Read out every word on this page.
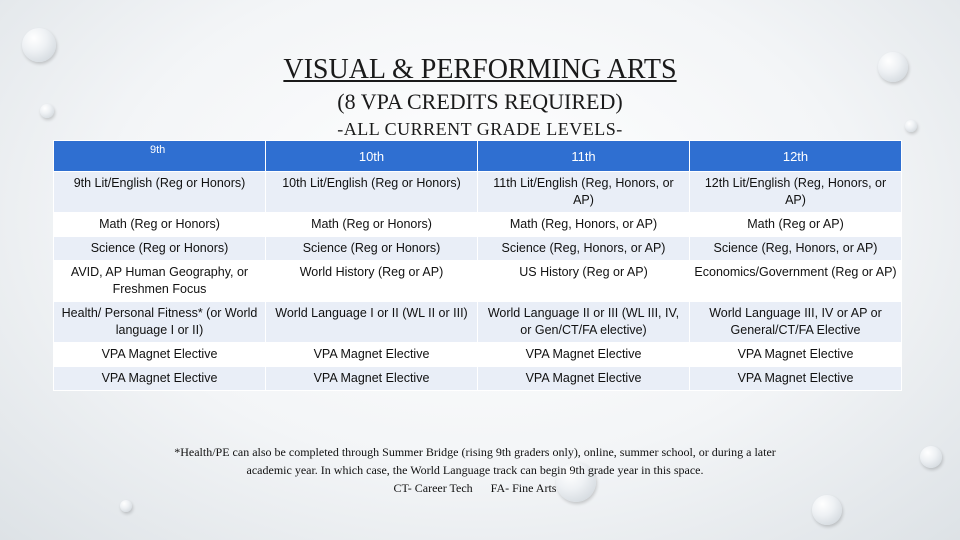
VISUAL & PERFORMING ARTS

(8 VPA CREDITS REQUIRED)

-ALL CURRENT GRADE LEVELS-

9th	10th	11th	12th
9th Lit/English (Reg or Honors)	10th Lit/English (Reg or Honors)	11th Lit/English (Reg, Honors, or AP)	12th Lit/English (Reg, Honors, or AP)
Math (Reg or Honors)	Math (Reg or Honors)	Math (Reg, Honors, or AP)	Math (Reg or AP)
Science (Reg or Honors)	Science (Reg or Honors)	Science (Reg, Honors, or AP)	Science (Reg, Honors, or AP)
AVID, AP Human Geography, or Freshmen Focus	World History (Reg or AP)	US History (Reg or AP)	Economics/Government (Reg or AP)
Health/ Personal Fitness* (or World language I or II)	World Language I or II (WL II or III)	World Language II or III (WL III, IV, or Gen/CT/FA elective)	World Language III, IV or AP or General/CT/FA Elective
VPA Magnet Elective	VPA Magnet Elective	VPA Magnet Elective	VPA Magnet Elective
VPA Magnet Elective	VPA Magnet Elective	VPA Magnet Elective	VPA Magnet Elective

*Health/PE can also be completed through Summer Bridge (rising 9th graders only), online, summer school, or during a later

academic year. In which case, the World Language track can begin 9th grade year in this space.

CT- Career Tech FA- Fine Arts
